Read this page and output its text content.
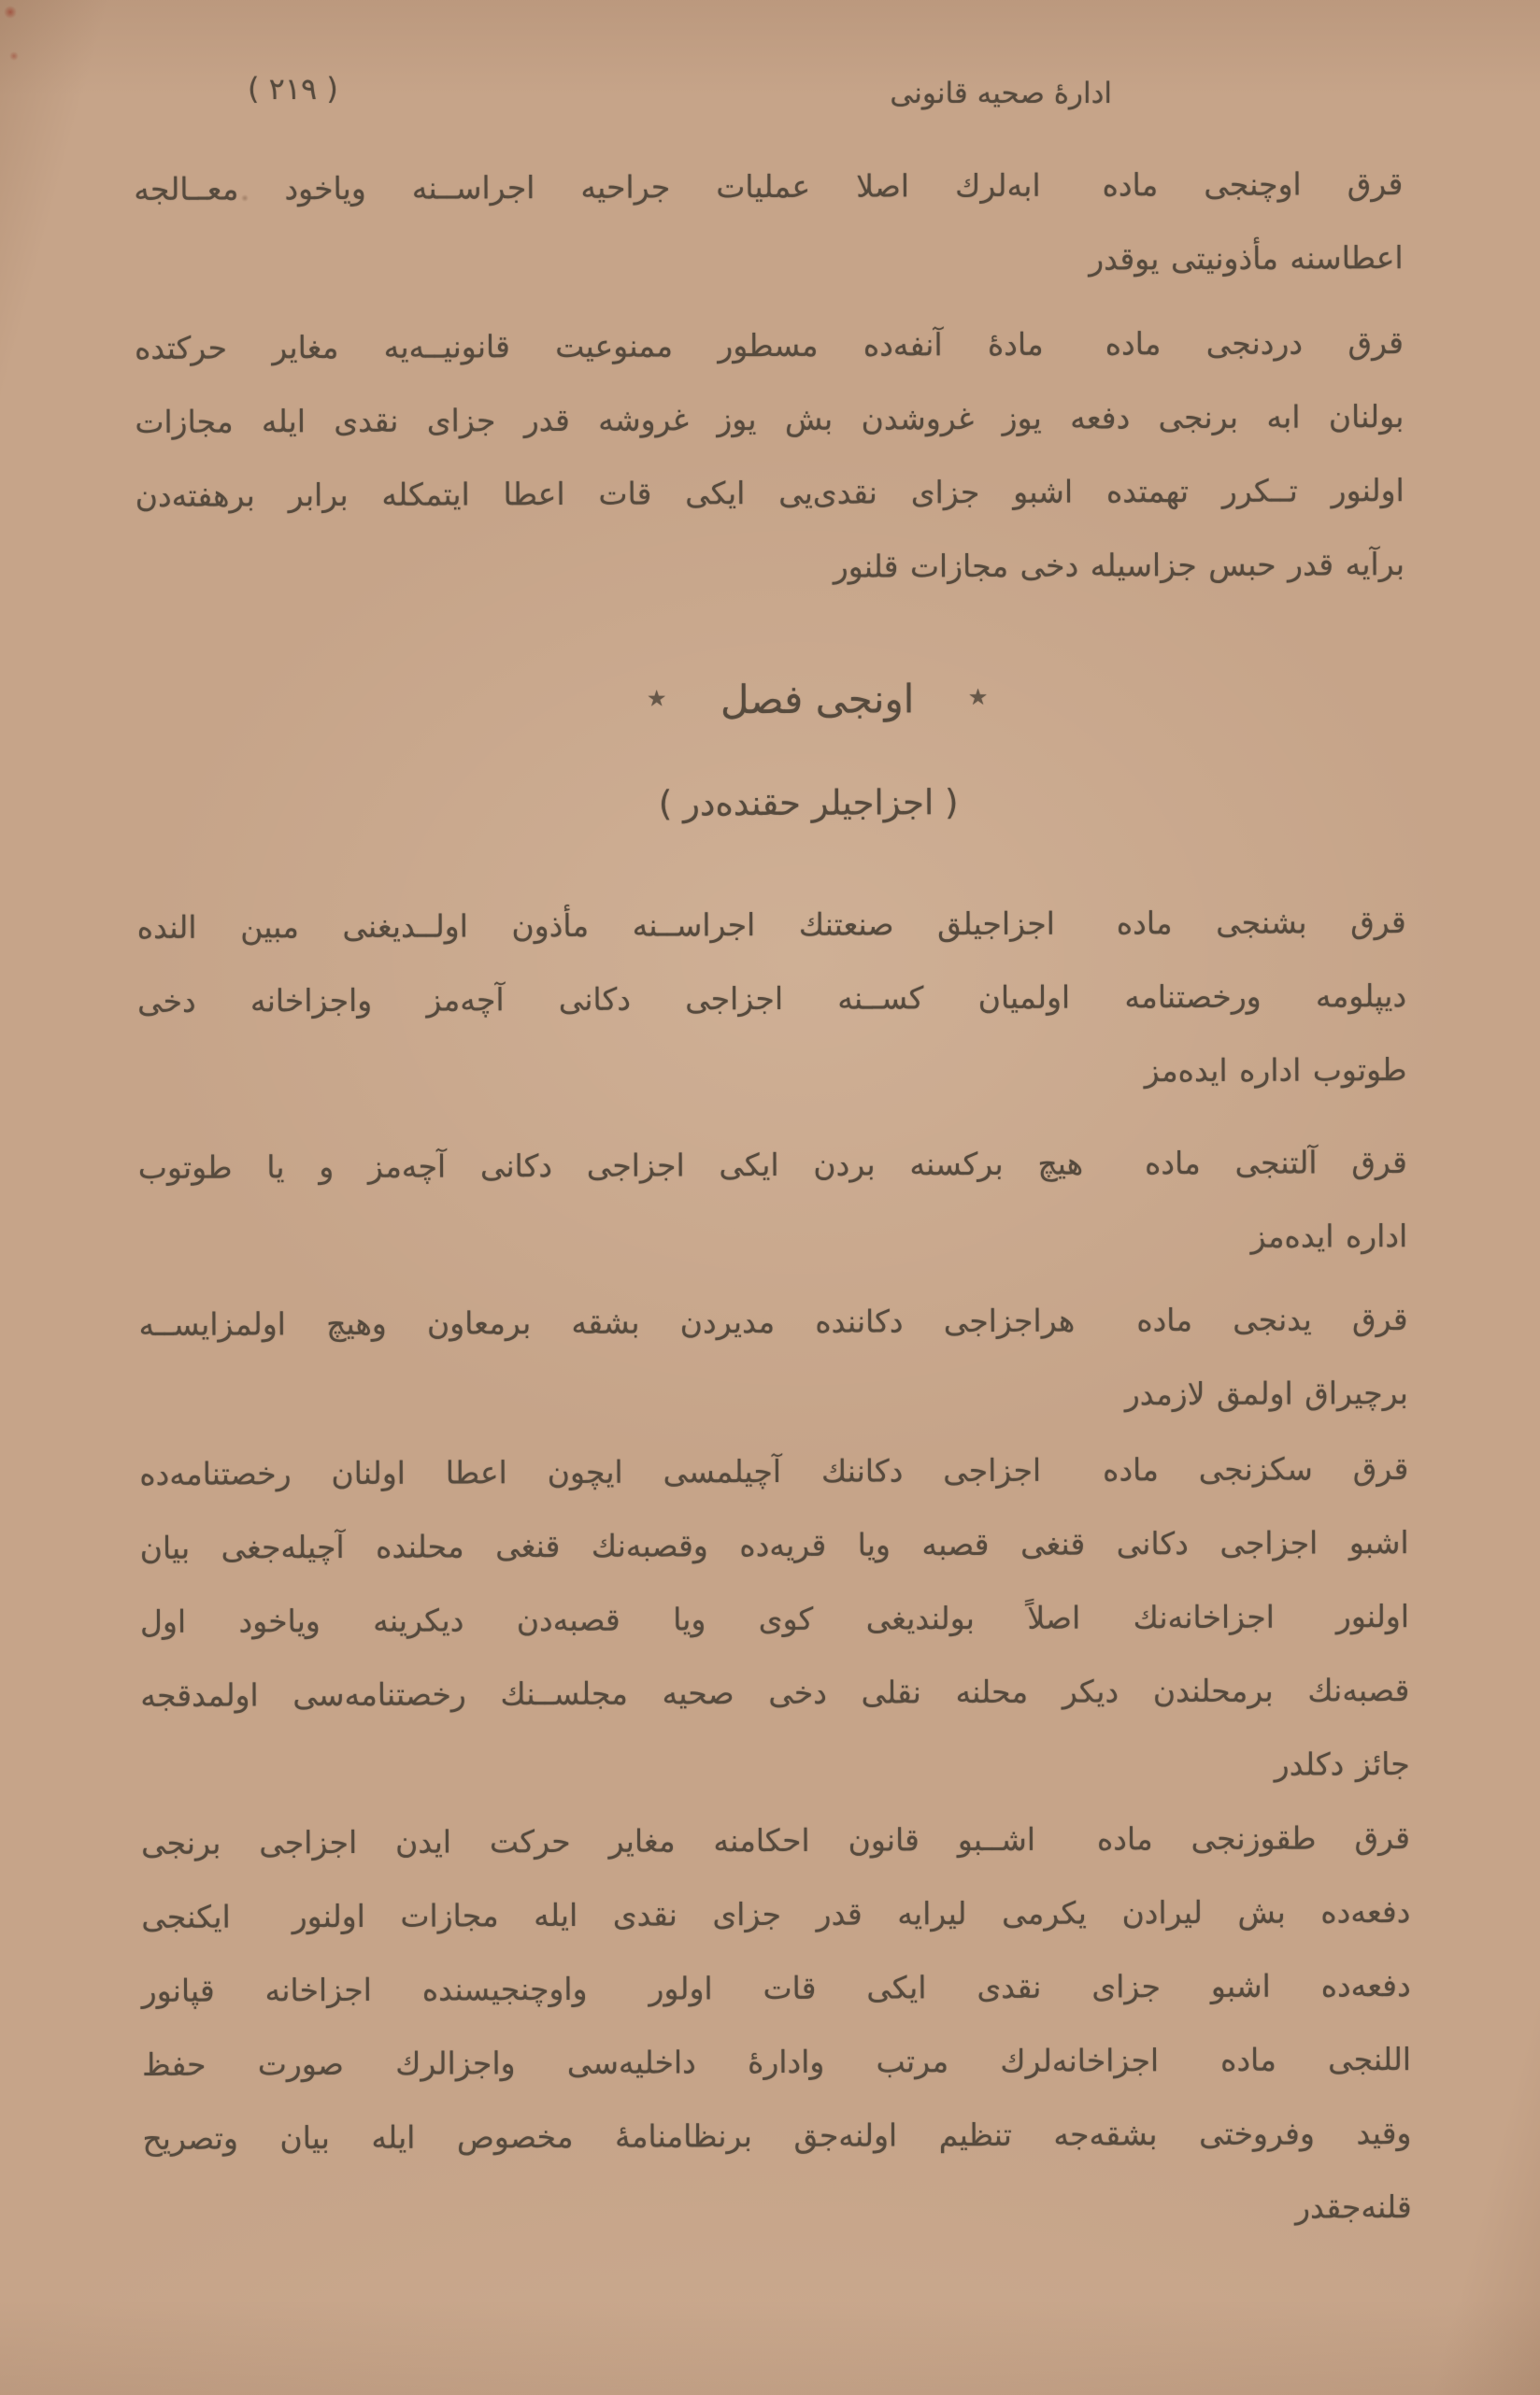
ادارهٔ صحیه قانونی
( ٢١٩ )

قرق اوچنجی ماده  ابه‌لرك اصلا عملیات جراحیه اجراســنه ویاخود معــالجه
اعطاسنه مأذونیتی یوقدر

قرق دردنجی ماده  مادهٔ آنفه‌ده مسطور ممنوعیت قانونیــه‌یه مغایر حرکتده
بولنان ابه برنجی دفعه یوز غروشدن بش یوز غروشه قدر جزای نقدی ایله مجازات
اولنور تــکرر تهمتده اشبو جزای نقدی‌یی ایکی قات اعطا ایتمکله برابر برهفته‌دن
برآیه قدر حبس جزاسیله دخی مجازات قلنور

٭ اونجی فصل ٭
( اجزاجیلر حقنده‌در )

قرق بشنجی ماده  اجزاجیلق صنعتنك اجراســنه مأذون اولــدیغنی مبین النده
دیپلومه ورخصتنامه اولمیان کســنه اجزاجی دکانی آچه‌مز واجزاخانه دخی
طوتوب اداره ایده‌مز

قرق آلتنجی ماده  هیچ برکسنه بردن ایکی اجزاجی دکانی آچه‌مز و یا طوتوب
اداره ایده‌مز

قرق یدنجی ماده  هراجزاجی دکاننده مدیردن بشقه برمعاون وهیچ اولمزایســه
برچیراق اولمق لازمدر

قرق سکزنجی ماده  اجزاجی دکاننك آچیلمسی ایچون اعطا اولنان رخصتنامه‌ده
اشبو اجزاجی دکانی قنغی قصبه ویا قریه‌ده وقصبه‌نك قنغی محلنده آچیله‌جغی بیان
اولنور  اجزاخانه‌نك اصلاً بولندیغی کوی ویا قصبه‌دن دیکرینه ویاخود اول
قصبه‌نك برمحلندن دیکر محلنه نقلی دخی صحیه مجلســنك رخصتنامه‌سی اولمدقجه
جائز دکلدر

قرق طقوزنجی ماده  اشــبو قانون احکامنه مغایر حرکت ایدن اجزاجی برنجی
دفعه‌ده بش لیرادن یکرمی لیرایه قدر جزای نقدی ایله مجازات اولنور  ایکنجی
دفعه‌ده اشبو جزای نقدی ایکی قات اولور  واوچنجیسنده اجزاخانه قپانور

اللنجی ماده  اجزاخانه‌لرك مرتب وادارهٔ داخلیه‌سی واجزالرك صورت حفظ
وقید وفروختی بشقه‌جه تنظیم اولنه‌جق برنظامنامهٔ مخصوص ایله بیان وتصریح
قلنه‌جقدر
